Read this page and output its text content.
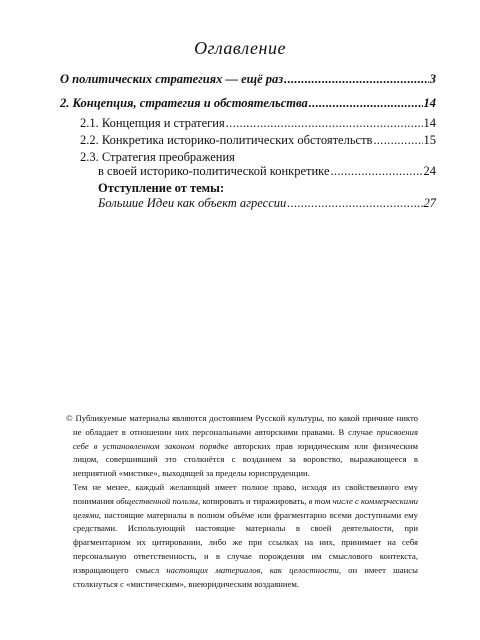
Оглавление
О политических стратегиях — ещё раз .....	3
2. Концепция, стратегия и обстоятельства .....	14
2.1. Концепция и стратегия .....	14
2.2. Конкретика историко-политических обстоятельств .....	15
2.3. Стратегия преображения
в своей историко-политической конкретике .....	24
Отступление от темы:
Большие Идеи как объект агрессии .....	27

© Публикуемые материалы являются достоянием Русской культуры, по какой причине никто не обладает в отношении них персональными авторскими правами. В случае присвоения себе в установленном законом порядке авторских прав юридическим или физическим лицом, совершивший это столкнётся с возданием за воровство, выражающееся в неприятной «мистике», выходящей за пределы юриспруденции.

Тем не менее, каждый желающий имеет полное право, исходя из свойственного ему понимания общественной пользы, копировать и тиражировать, в том числе с коммерческими целями, настоящие материалы в полном объёме или фрагментарно всеми доступными ему средствами. Использующий настоящие материалы в своей деятельности, при фрагментарном их цитировании, либо же при ссылках на них, принимает на себя персональную ответственность, и в случае порождения им смыслового контекста, извращающего смысл настоящих материалов, как целостности, он имеет шансы столкнуться с «мистическим», внеюридическим воздаянием.
